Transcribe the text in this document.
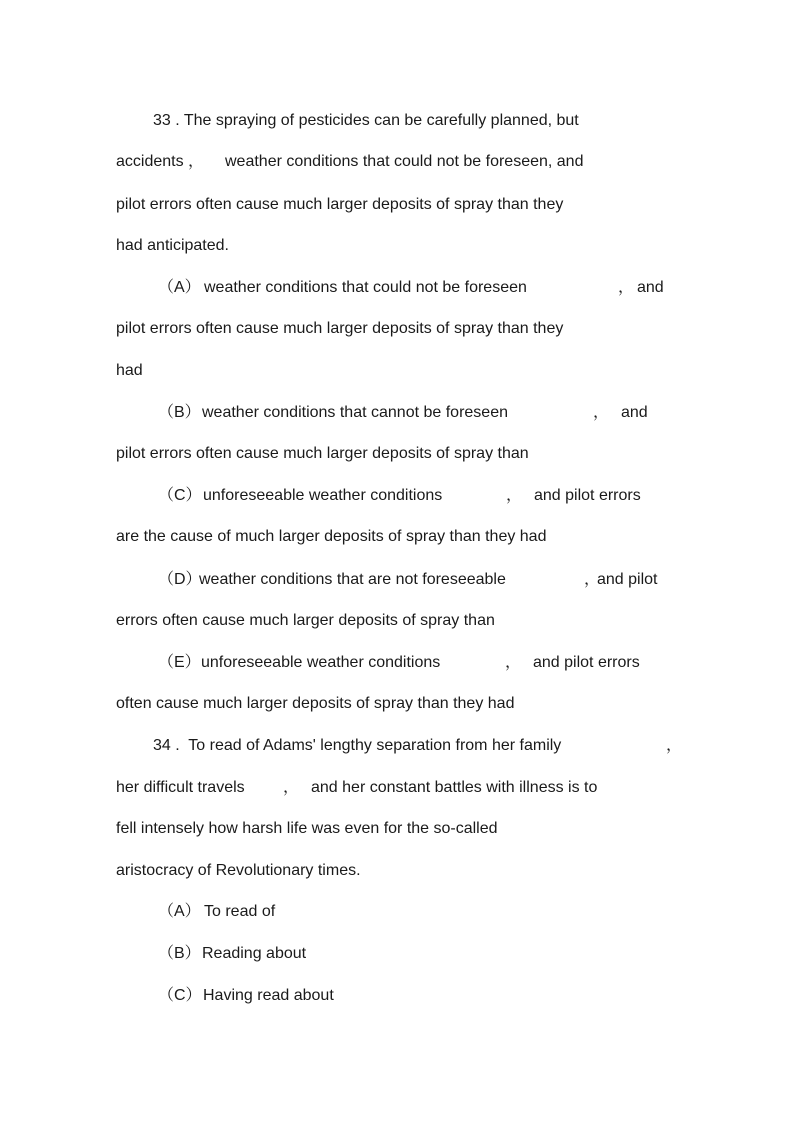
33 . The spraying of pesticides can be carefully planned, but
accidents ， weather conditions that could not be foreseen, and
pilot errors often cause much larger deposits of spray than they
had anticipated.
（A） weather conditions that could not be foreseen	， and
pilot errors often cause much larger deposits of spray than they
had
（B） weather conditions that cannot be foreseen	， and
pilot errors often cause much larger deposits of spray than
（C） unforeseeable weather conditions	， and pilot errors
are the cause of much larger deposits of spray than they had
（D）
weather conditions that are not foreseeable	，
and pilot
errors often cause much larger deposits of spray than
（E） unforeseeable weather conditions	， and pilot errors
often cause much larger deposits of spray than they had
34 .  To read of Adams' lengthy separation from her family	，
her difficult travels ， and her constant battles with illness is to
fell intensely how harsh life was even for the so-called
aristocracy of Revolutionary times.
（A） To read of
（B） Reading about
（C） Having read about
